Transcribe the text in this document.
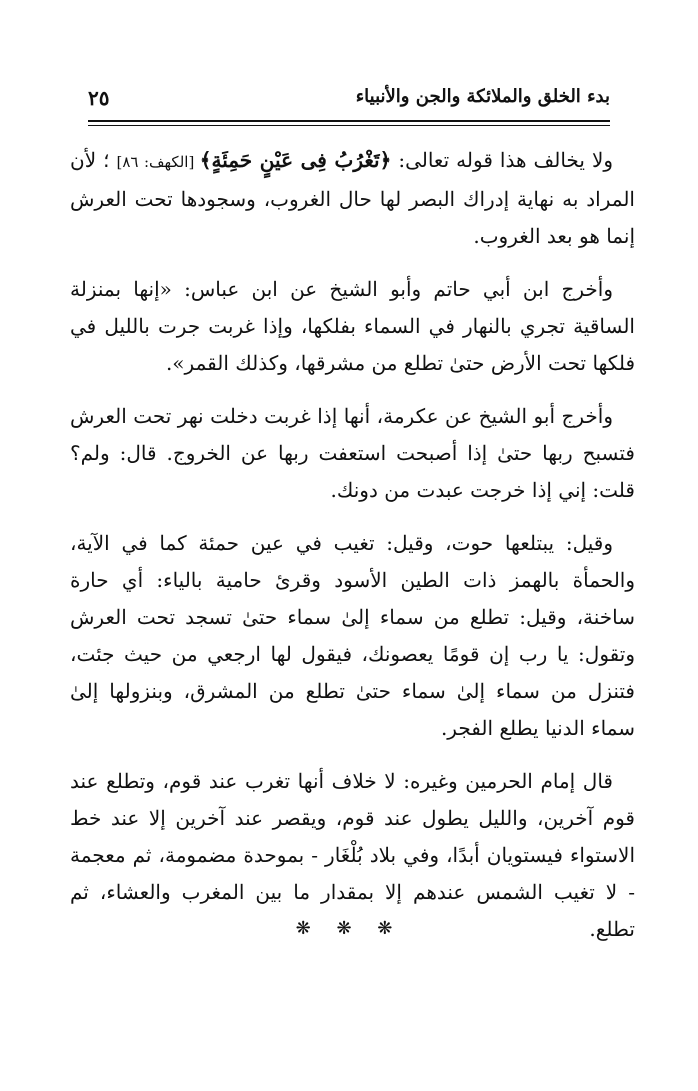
بدء الخلق والملائكة والجن والأنبياء
٢٥

ولا يخالف هذا قوله تعالى: ﴿تَغْرُبُ فِى عَيْنٍ حَمِئَةٍ﴾ [الكهف: ٨٦] ؛ لأن المراد به نهاية إدراك البصر لها حال الغروب، وسجودها تحت العرش إنما هو بعد الغروب.

وأخرج ابن أبي حاتم وأبو الشيخ عن ابن عباس: «إنها بمنزلة الساقية تجري بالنهار في السماء بفلكها، وإذا غربت جرت بالليل في فلكها تحت الأرض حتىٰ تطلع من مشرقها، وكذلك القمر».

وأخرج أبو الشيخ عن عكرمة، أنها إذا غربت دخلت نهر تحت العرش فتسبح ربها حتىٰ إذا أصبحت استعفت ربها عن الخروج. قال: ولم؟ قلت: إني إذا خرجت عبدت من دونك.

وقيل: يبتلعها حوت، وقيل: تغيب في عين حمئة كما في الآية، والحمأة بالهمز ذات الطين الأسود وقرئ حامية بالياء: أي حارة ساخنة، وقيل: تطلع من سماء إلىٰ سماء حتىٰ تسجد تحت العرش وتقول: يا رب إن قومًا يعصونك، فيقول لها ارجعي من حيث جئت، فتنزل من سماء إلىٰ سماء حتىٰ تطلع من المشرق، وبنزولها إلىٰ سماء الدنيا يطلع الفجر.

قال إمام الحرمين وغيره: لا خلاف أنها تغرب عند قوم، وتطلع عند قوم آخرين، والليل يطول عند قوم، ويقصر عند آخرين إلا عند خط الاستواء فيستويان أبدًا، وفي بلاد بُلْغَار - بموحدة مضمومة، ثم معجمة - لا تغيب الشمس عندهم إلا بمقدار ما بين المغرب والعشاء، ثم تطلع.

❋ ❋ ❋
